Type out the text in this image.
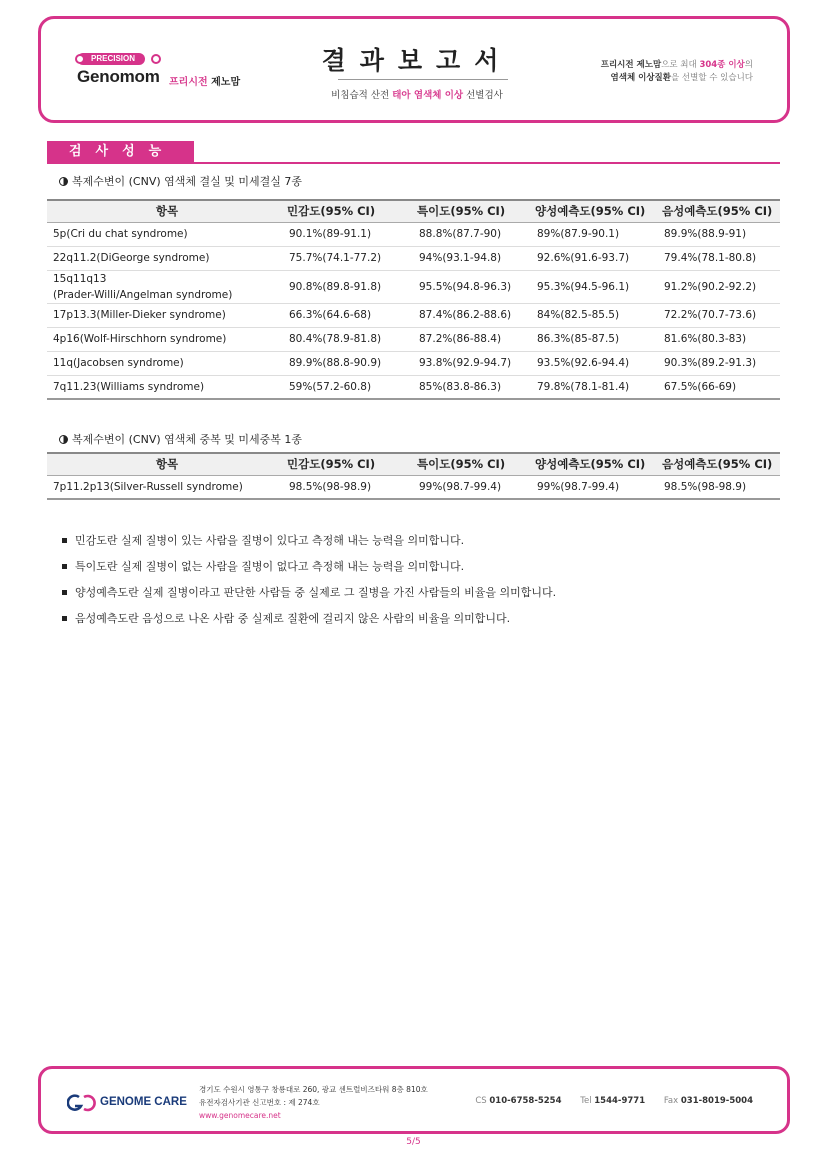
PRECISION
Genomom 프리시전 제노맘
결과보고서
비침습적 산전 태아 염색체 이상 선별검사
프리시전 제노맘으로 최대 304종 이상의
염색체 이상질환을 선별할 수 있습니다
검사성능
복제수변이 (CNV) 염색체 결실 및 미세결실 7종
항목	민감도(95% CI)	특이도(95% CI)	양성예측도(95% CI)	음성예측도(95% CI)
5p(Cri du chat syndrome)	90.1%(89-91.1)	88.8%(87.7-90)	89%(87.9-90.1)	89.9%(88.9-91)
22q11.2(DiGeorge syndrome)	75.7%(74.1-77.2)	94%(93.1-94.8)	92.6%(91.6-93.7)	79.4%(78.1-80.8)
15q11q13
(Prader-Willi/Angelman syndrome)	90.8%(89.8-91.8)	95.5%(94.8-96.3)	95.3%(94.5-96.1)	91.2%(90.2-92.2)
17p13.3(Miller-Dieker syndrome)	66.3%(64.6-68)	87.4%(86.2-88.6)	84%(82.5-85.5)	72.2%(70.7-73.6)
4p16(Wolf-Hirschhorn syndrome)	80.4%(78.9-81.8)	87.2%(86-88.4)	86.3%(85-87.5)	81.6%(80.3-83)
11q(Jacobsen syndrome)	89.9%(88.8-90.9)	93.8%(92.9-94.7)	93.5%(92.6-94.4)	90.3%(89.2-91.3)
7q11.23(Williams syndrome)	59%(57.2-60.8)	85%(83.8-86.3)	79.8%(78.1-81.4)	67.5%(66-69)
복제수변이 (CNV) 염색체 중복 및 미세중복 1종
항목	민감도(95% CI)	특이도(95% CI)	양성예측도(95% CI)	음성예측도(95% CI)
7p11.2p13(Silver-Russell syndrome)	98.5%(98-98.9)	99%(98.7-99.4)	99%(98.7-99.4)	98.5%(98-98.9)
민감도란 실제 질병이 있는 사람을 질병이 있다고 측정해 내는 능력을 의미합니다.
특이도란 실제 질병이 없는 사람을 질병이 없다고 측정해 내는 능력을 의미합니다.
양성예측도란 실제 질병이라고 판단한 사람들 중 실제로 그 질병을 가진 사람들의 비율을 의미합니다.
음성예측도란 음성으로 나온 사람 중 실제로 질환에 걸리지 않은 사람의 비율을 의미합니다.
GENOME CARE
경기도 수원시 영통구 창룡대로 260, 광교 센트럴비즈타워 8층 810호
유전자검사기관 신고번호 : 제 274호
www.genomecare.net
CS 010-6758-5254 Tel 1544-9771 Fax 031-8019-5004
5/5
